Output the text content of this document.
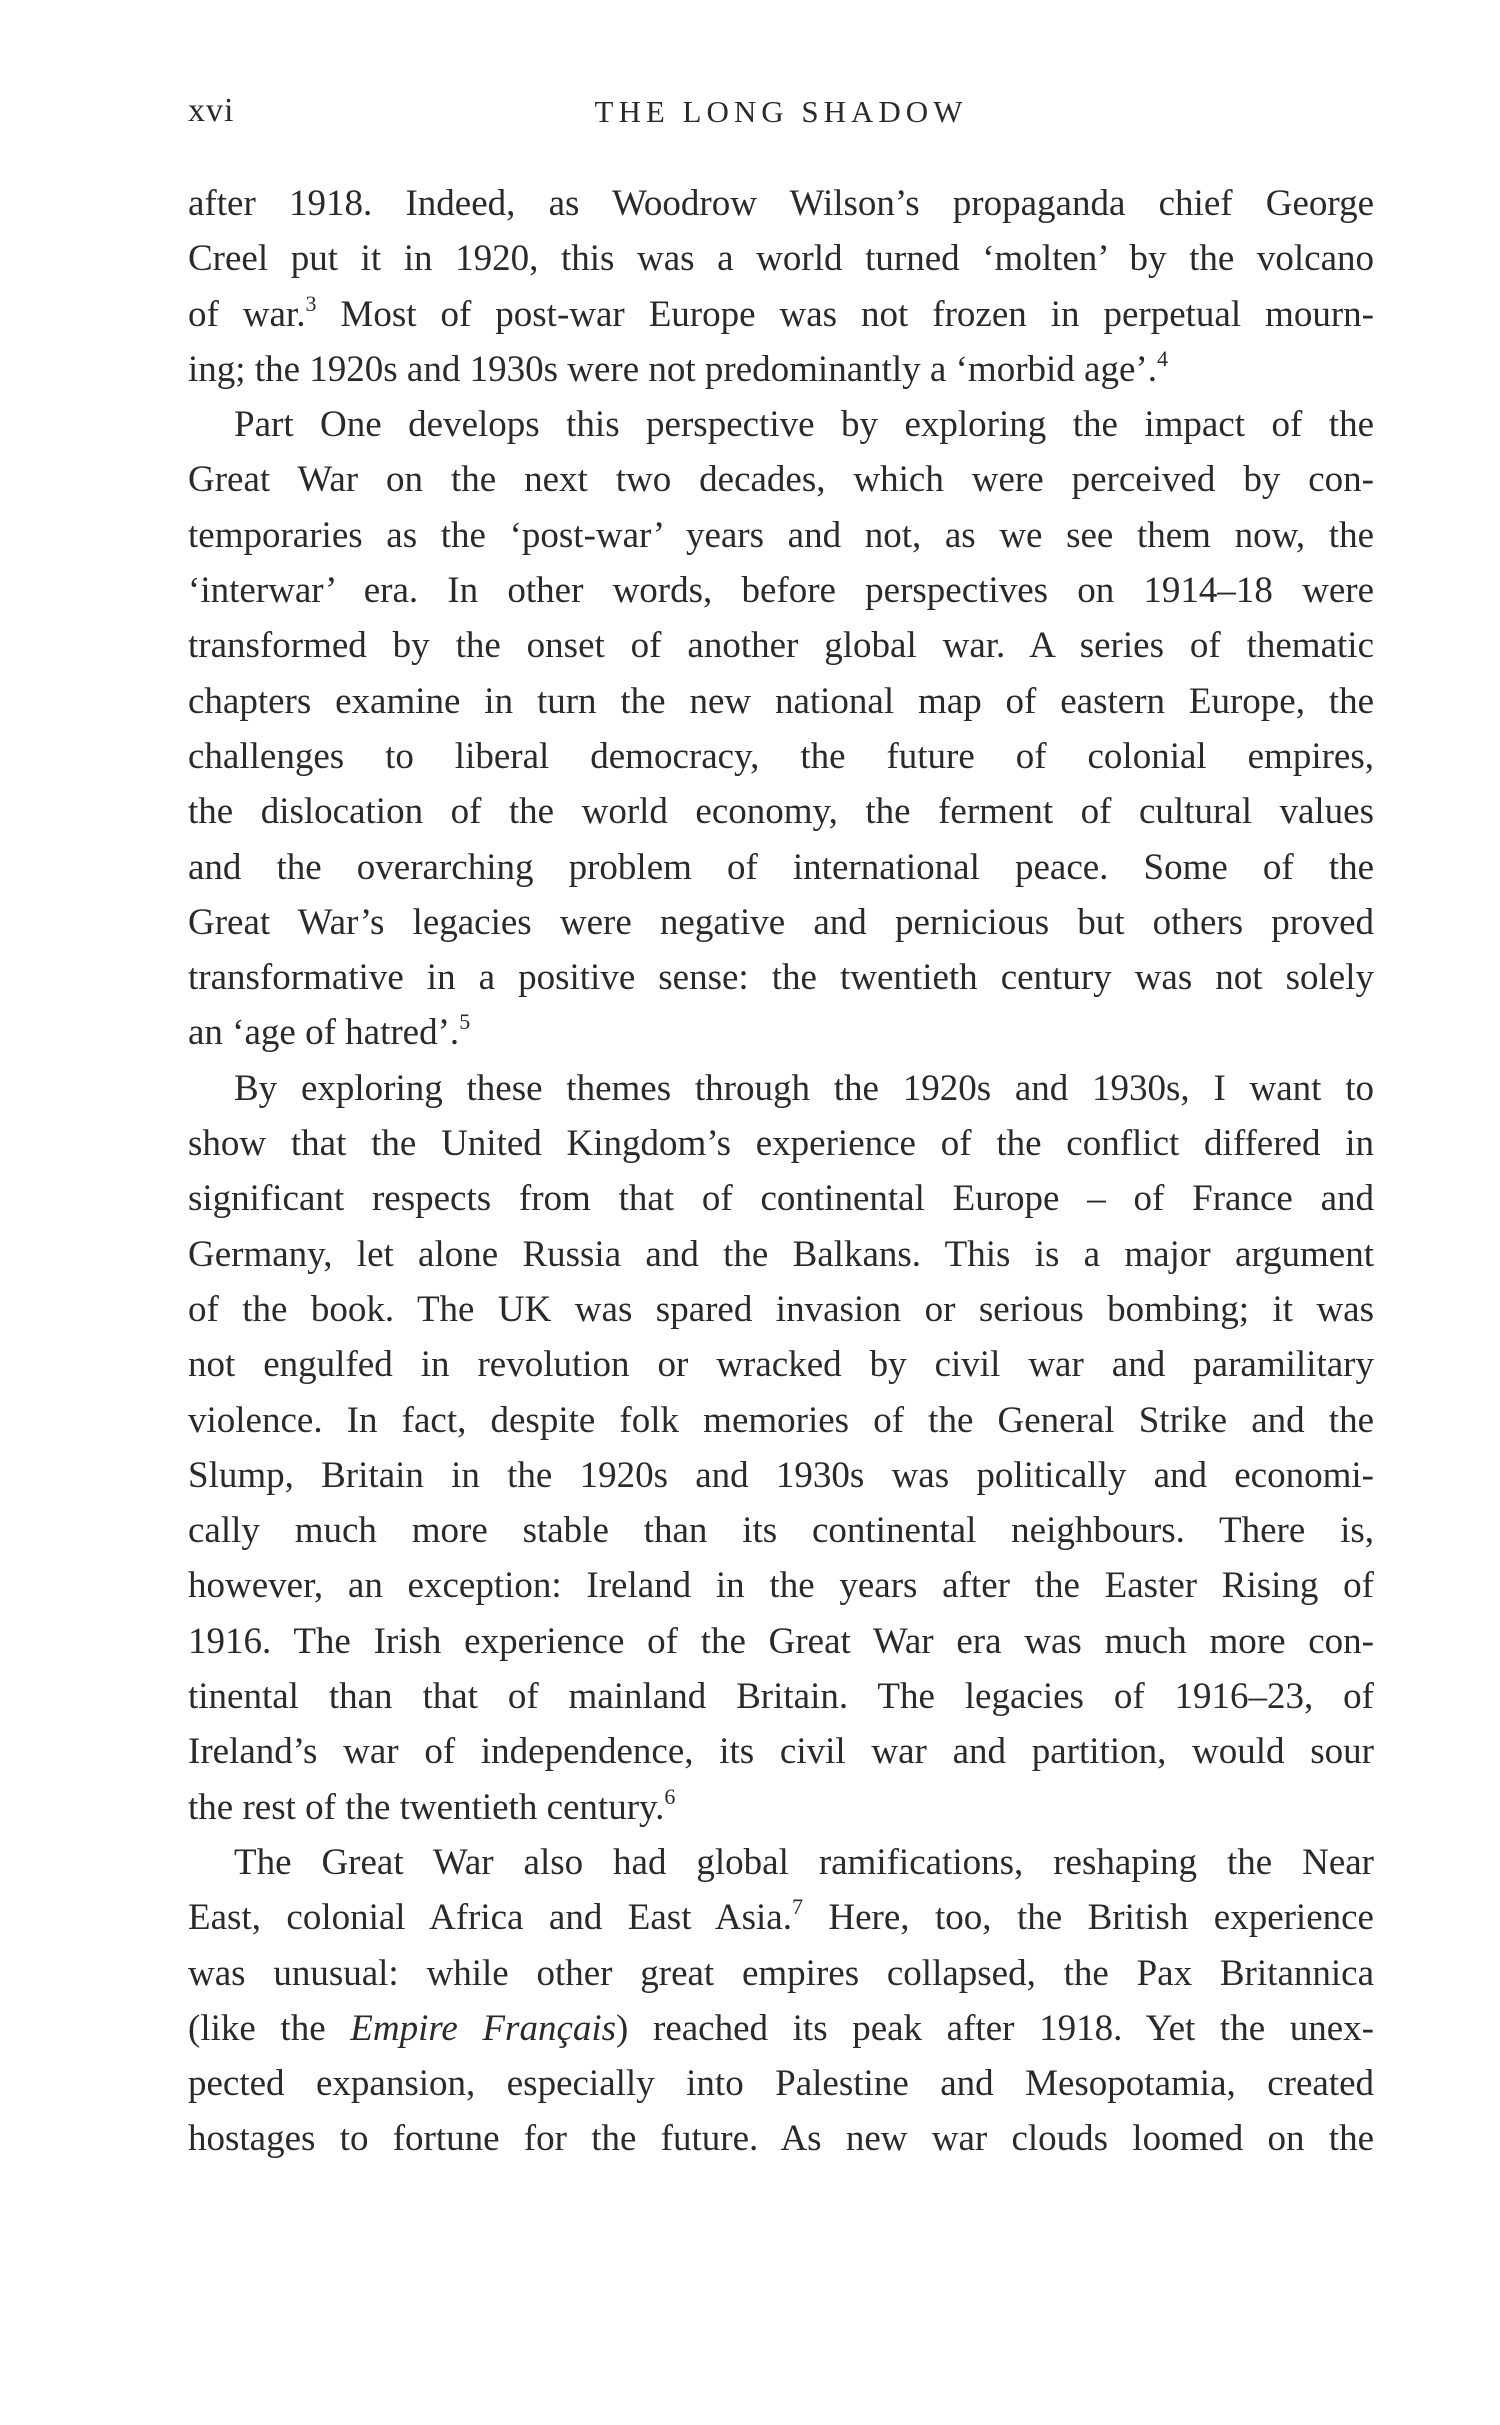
xvi	THE LONG SHADOW

after 1918. Indeed, as Woodrow Wilson’s propaganda chief George
Creel put it in 1920, this was a world turned ‘molten’ by the volcano
of war.$^3$ Most of post-war Europe was not frozen in perpetual mourn-
ing; the 1920s and 1930s were not predominantly a ‘morbid age’.$^4$

Part One develops this perspective by exploring the impact of the
Great War on the next two decades, which were perceived by con-
temporaries as the ‘post-war’ years and not, as we see them now, the
‘interwar’ era. In other words, before perspectives on 1914–18 were
transformed by the onset of another global war. A series of thematic
chapters examine in turn the new national map of eastern Europe, the
challenges to liberal democracy, the future of colonial empires,
the dislocation of the world economy, the ferment of cultural values
and the overarching problem of international peace. Some of the
Great War’s legacies were negative and pernicious but others proved
transformative in a positive sense: the twentieth century was not solely
an ‘age of hatred’.$^5$

By exploring these themes through the 1920s and 1930s, I want to
show that the United Kingdom’s experience of the conflict differed in
significant respects from that of continental Europe – of France and
Germany, let alone Russia and the Balkans. This is a major argument
of the book. The UK was spared invasion or serious bombing; it was
not engulfed in revolution or wracked by civil war and paramilitary
violence. In fact, despite folk memories of the General Strike and the
Slump, Britain in the 1920s and 1930s was politically and economi-
cally much more stable than its continental neighbours. There is,
however, an exception: Ireland in the years after the Easter Rising of
1916. The Irish experience of the Great War era was much more con-
tinental than that of mainland Britain. The legacies of 1916–23, of
Ireland’s war of independence, its civil war and partition, would sour
the rest of the twentieth century.$^6$

The Great War also had global ramifications, reshaping the Near
East, colonial Africa and East Asia.$^7$ Here, too, the British experience
was unusual: while other great empires collapsed, the Pax Britannica
(like the Empire Français) reached its peak after 1918. Yet the unex-
pected expansion, especially into Palestine and Mesopotamia, created
hostages to fortune for the future. As new war clouds loomed on the
